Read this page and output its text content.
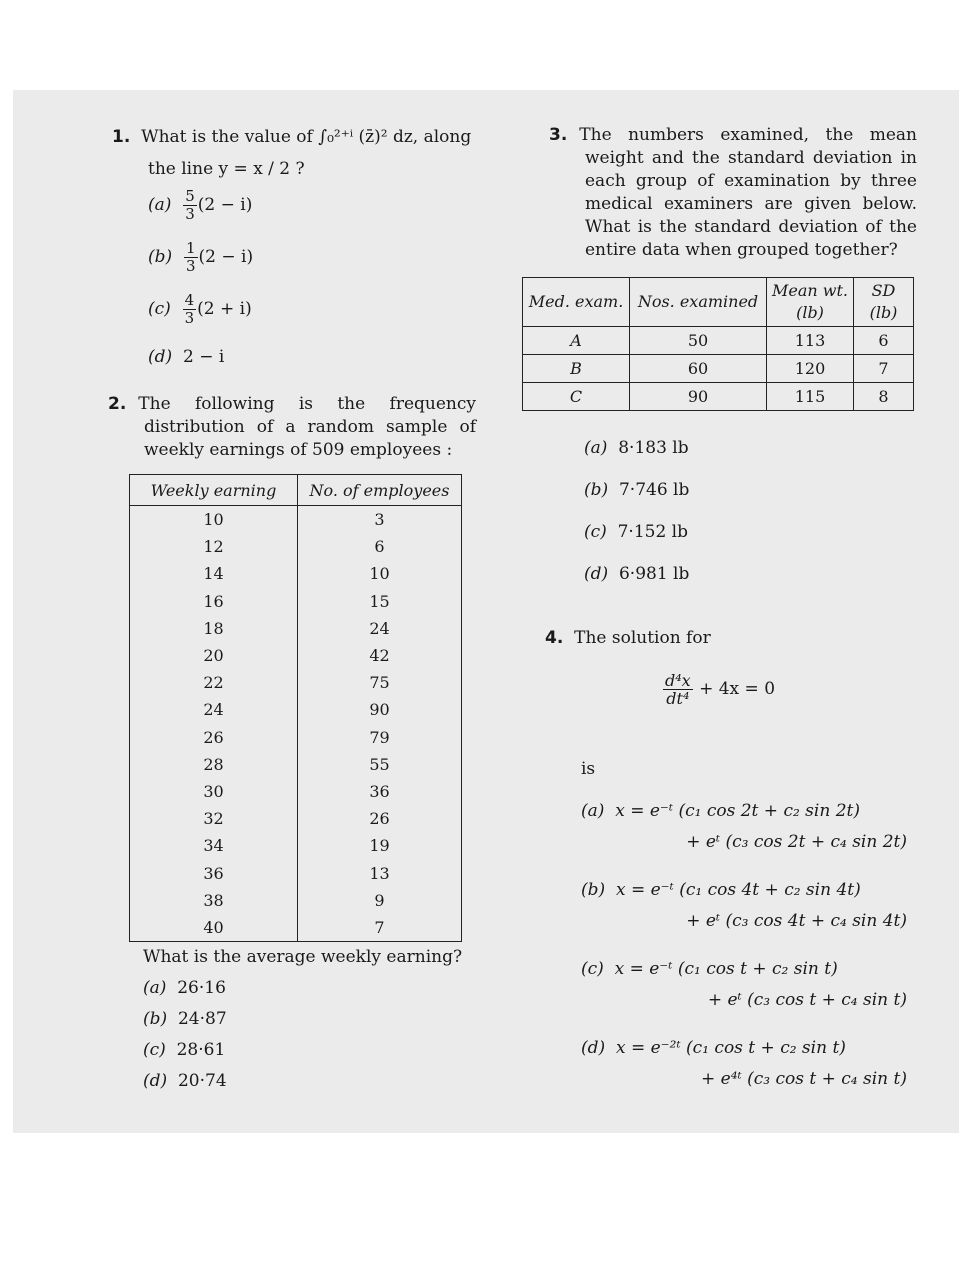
1. What is the value of ∫₀²⁺ⁱ (z̄)² dz, along
the line y = x / 2 ?
$(a) \frac{5}{3} (2 - i)$
$(b) \frac{1}{3} (2 - i)$
$(c) \frac{4}{3} (2 + i)$
(d) 2 − i
2. The following is the frequency
distribution of a random sample of
weekly earnings of 509 employees :
Weekly earning	No. of employees
10	3
12	6
14	10
16	15
18	24
20	42
22	75
24	90
26	79
28	55
30	36
32	26
34	19
36	13
38	9
40	7
What is the average weekly earning?
(a) 26·16
(b) 24·87
(c) 28·61
(d) 20·74
3. The numbers examined, the mean
weight and the standard deviation in
each group of examination by three
medical examiners are given below.
What is the standard deviation of the
entire data when grouped together?
Med. exam.	Nos. examined	Mean wt. (lb)	SD (lb)
A	50	113	6
B	60	120	7
C	90	115	8
(a) 8·183 lb
(b) 7·746 lb
(c) 7·152 lb
(d) 6·981 lb
4. The solution for
$\frac{\text{d⁴x}}{\text{dt⁴}} + 4x = 0$
is
(a) x = e⁻ᵗ (c₁ cos 2t + c₂ sin 2t)
+ eᵗ (c₃ cos 2t + c₄ sin 2t)
(b) x = e⁻ᵗ (c₁ cos 4t + c₂ sin 4t)
+ eᵗ (c₃ cos 4t + c₄ sin 4t)
(c) x = e⁻ᵗ (c₁ cos t + c₂ sin t)
+ eᵗ (c₃ cos t + c₄ sin t)
(d) x = e⁻²ᵗ (c₁ cos t + c₂ sin t)
+ e⁴ᵗ (c₃ cos t + c₄ sin t)
